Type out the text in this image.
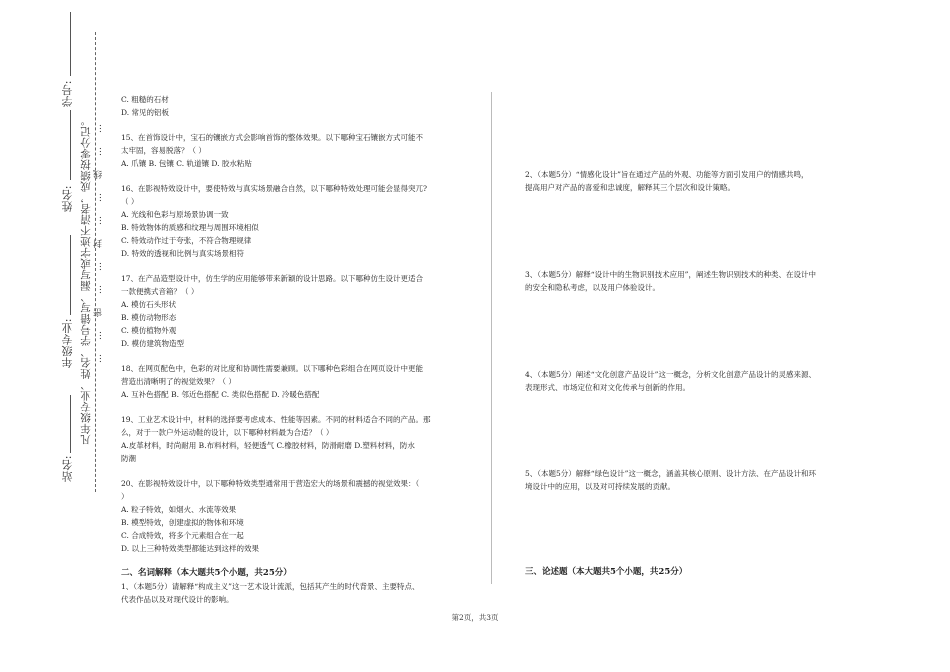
学号:
姓名:
年级专业:
站名:
凡年级专业、姓名、学号错写、漏写或字迹不清者，成绩按零分记。 ……密……封……线……

C. 粗糙的石材

D. 常见的铝板

15、在首饰设计中，宝石的镶嵌方式会影响首饰的整体效果。以下哪种宝石镶嵌方式可能不

太牢固，容易脱落？（ ）

A. 爪镶 B. 包镶 C. 轨道镶 D. 胶水粘贴

16、在影视特效设计中，要使特效与真实场景融合自然，以下哪种特效处理可能会显得突兀?

（ ）

A. 光线和色彩与原场景协调一致

B. 特效物体的质感和纹理与周围环境相似

C. 特效动作过于夸张，不符合物理规律

D. 特效的透视和比例与真实场景相符

17、在产品造型设计中，仿生学的应用能够带来新颖的设计思路。以下哪种仿生设计更适合

一款便携式音箱？（ ）

A. 模仿石头形状

B. 模仿动物形态

C. 模仿植物外观

D. 模仿建筑物造型

18、在网页配色中，色彩的对比度和协调性需要兼顾。以下哪种色彩组合在网页设计中更能

营造出清晰明了的视觉效果？（ ）

A. 互补色搭配 B. 邻近色搭配 C. 类似色搭配 D. 冷暖色搭配

19、工业艺术设计中，材料的选择要考虑成本、性能等因素。不同的材料适合不同的产品。那

么，对于一款户外运动鞋的设计，以下哪种材料最为合适？（ ）

A.皮革材料，时尚耐用 B.布料材料，轻便透气 C.橡胶材料，防滑耐磨 D.塑料材料，防水

防潮

20、在影视特效设计中，以下哪种特效类型通常用于营造宏大的场景和震撼的视觉效果：（

）

A. 粒子特效，如烟火、水流等效果

B. 模型特效，创建虚拟的物体和环境

C. 合成特效，将多个元素组合在一起

D. 以上三种特效类型都能达到这样的效果

二、名词解释（本大题共5个小题，共25分）

1、（本题5分）请解释“构成主义”这一艺术设计流派，包括其产生的时代背景、主要特点、

代表作品以及对现代设计的影响。

2、（本题5分）“情感化设计”旨在通过产品的外观、功能等方面引发用户的情感共鸣，

提高用户对产品的喜爱和忠诚度，解释其三个层次和设计策略。

3、（本题5分）解释“设计中的生物识别技术应用”，阐述生物识别技术的种类、在设计中

的安全和隐私考虑，以及用户体验设计。

4、（本题5分）阐述“文化创意产品设计”这一概念，分析文化创意产品设计的灵感来源、

表现形式、市场定位和对文化传承与创新的作用。

5、（本题5分）解释“绿色设计”这一概念，涵盖其核心原则、设计方法、在产品设计和环

境设计中的应用，以及对可持续发展的贡献。

三、论述题（本大题共5个小题，共25分）

第2页，共3页
